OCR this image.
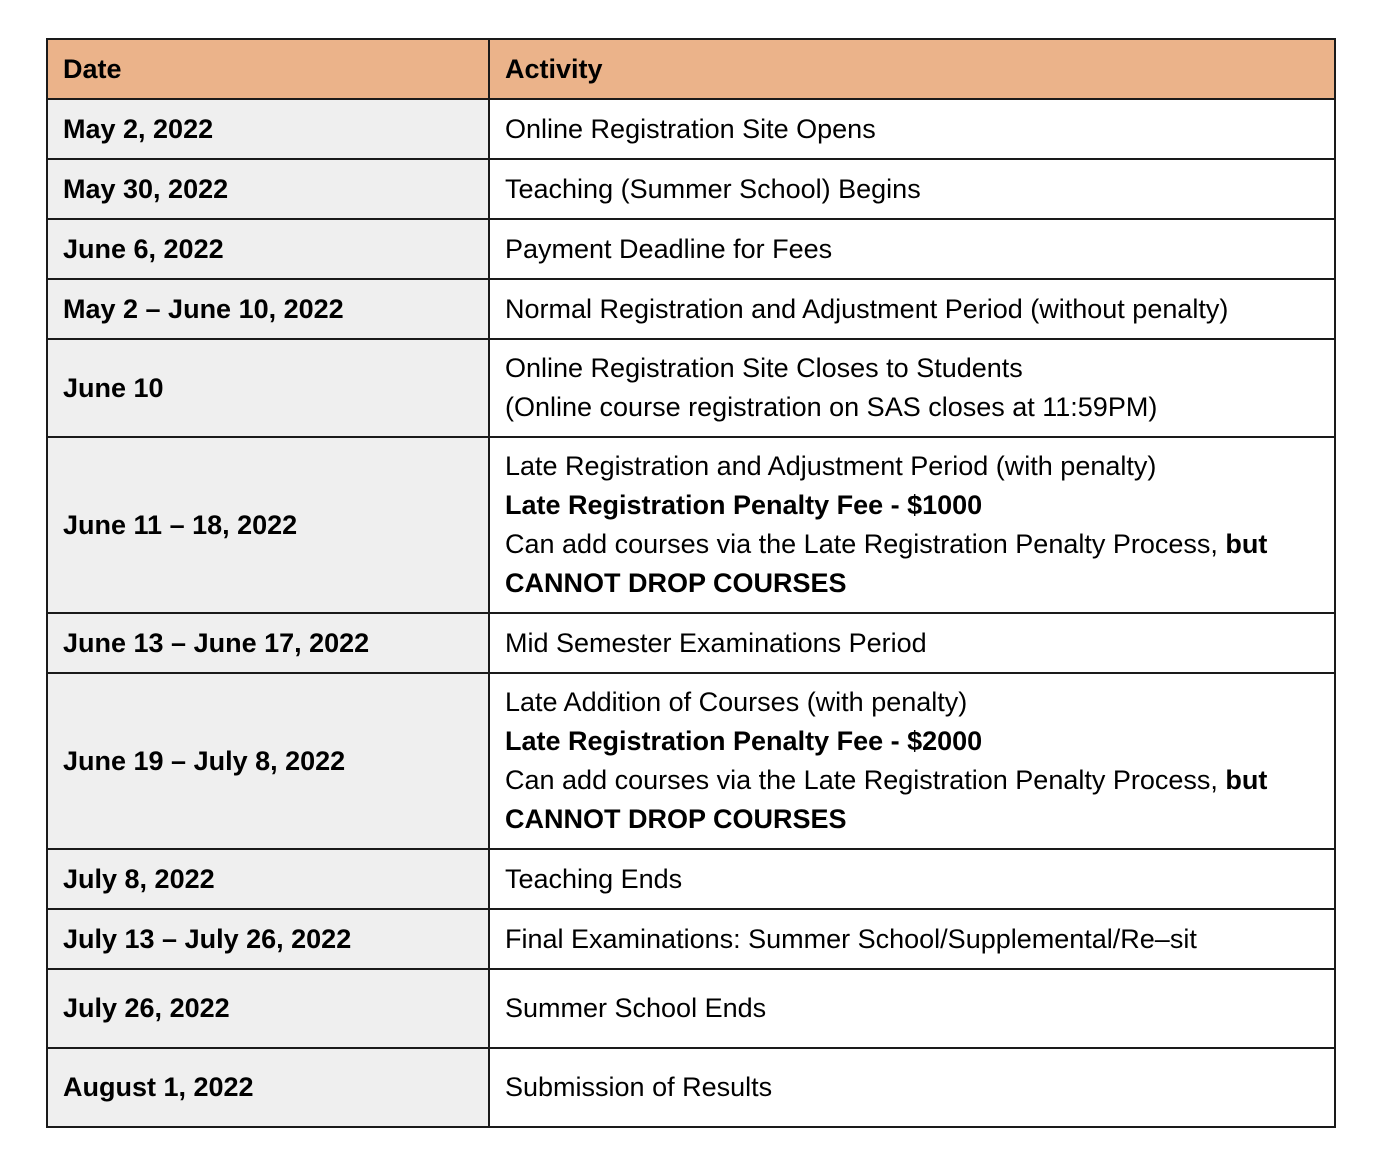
Date	Activity
May 2, 2022	Online Registration Site Opens
May 30, 2022	Teaching (Summer School) Begins
June 6, 2022	Payment Deadline for Fees
May 2 – June 10, 2022	Normal Registration and Adjustment Period (without penalty)
June 10	Online Registration Site Closes to Students
(Online course registration on SAS closes at 11:59PM)

June 11 – 18, 2022	Late Registration and Adjustment Period (with penalty)
Late Registration Penalty Fee - $1000
Can add courses via the Late Registration Penalty Process, but
CANNOT DROP COURSES

June 13 – June 17, 2022	Mid Semester Examinations Period
June 19 – July 8, 2022	Late Addition of Courses (with penalty)
Late Registration Penalty Fee - $2000
Can add courses via the Late Registration Penalty Process, but
CANNOT DROP COURSES

July 8, 2022	Teaching Ends
July 13 – July 26, 2022	Final Examinations: Summer School/Supplemental/Re–sit
July 26, 2022	Summer School Ends
August 1, 2022	Submission of Results
